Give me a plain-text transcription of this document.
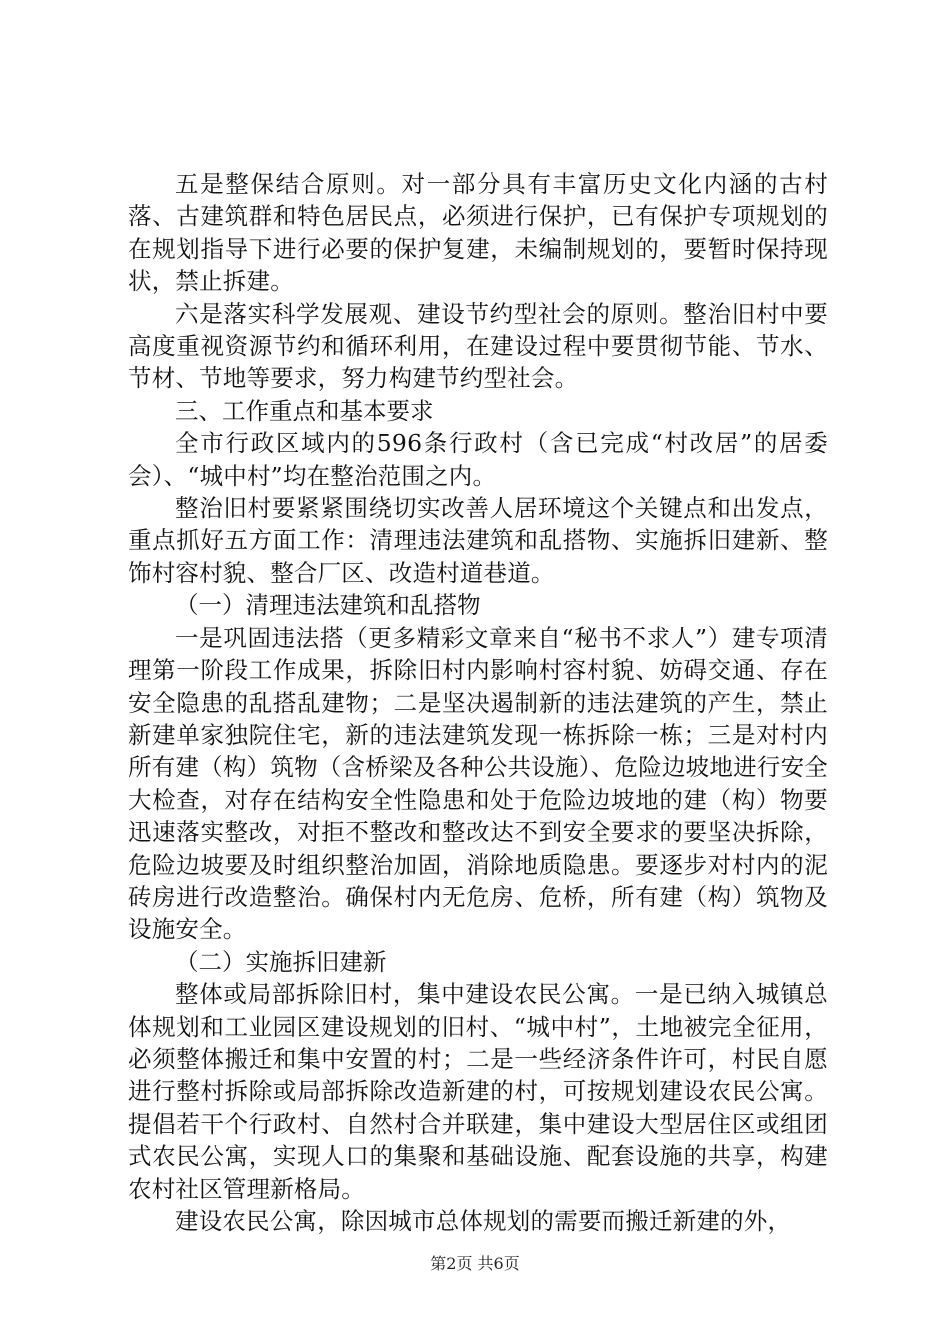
五是整保结合原则。对一部分具有丰富历史文化内涵的古村落、古建筑群和特色居民点，必须进行保护，已有保护专项规划的在规划指导下进行必要的保护复建，未编制规划的，要暂时保持现状，禁止拆建。

六是落实科学发展观、建设节约型社会的原则。整治旧村中要高度重视资源节约和循环利用，在建设过程中要贯彻节能、节水、节材、节地等要求，努力构建节约型社会。

三、工作重点和基本要求

全市行政区域内的596条行政村（含已完成“村改居”的居委会）、“城中村”均在整治范围之内。

整治旧村要紧紧围绕切实改善人居环境这个关键点和出发点，重点抓好五方面工作：清理违法建筑和乱搭物、实施拆旧建新、整饰村容村貌、整合厂区、改造村道巷道。

（一）清理违法建筑和乱搭物

一是巩固违法搭（更多精彩文章来自“秘书不求人”）建专项清理第一阶段工作成果，拆除旧村内影响村容村貌、妨碍交通、存在安全隐患的乱搭乱建物；二是坚决遏制新的违法建筑的产生，禁止新建单家独院住宅，新的违法建筑发现一栋拆除一栋；三是对村内所有建（构）筑物（含桥梁及各种公共设施）、危险边坡地进行安全大检查，对存在结构安全性隐患和处于危险边坡地的建（构）物要迅速落实整改，对拒不整改和整改达不到安全要求的要坚决拆除，危险边坡要及时组织整治加固，消除地质隐患。要逐步对村内的泥砖房进行改造整治。确保村内无危房、危桥，所有建（构）筑物及设施安全。

（二）实施拆旧建新

整体或局部拆除旧村，集中建设农民公寓。一是已纳入城镇总体规划和工业园区建设规划的旧村、“城中村”，土地被完全征用，必须整体搬迁和集中安置的村；二是一些经济条件许可，村民自愿进行整村拆除或局部拆除改造新建的村，可按规划建设农民公寓。提倡若干个行政村、自然村合并联建，集中建设大型居住区或组团式农民公寓，实现人口的集聚和基础设施、配套设施的共享，构建农村社区管理新格局。

建设农民公寓，除因城市总体规划的需要而搬迁新建的外，

第2页 共6页
